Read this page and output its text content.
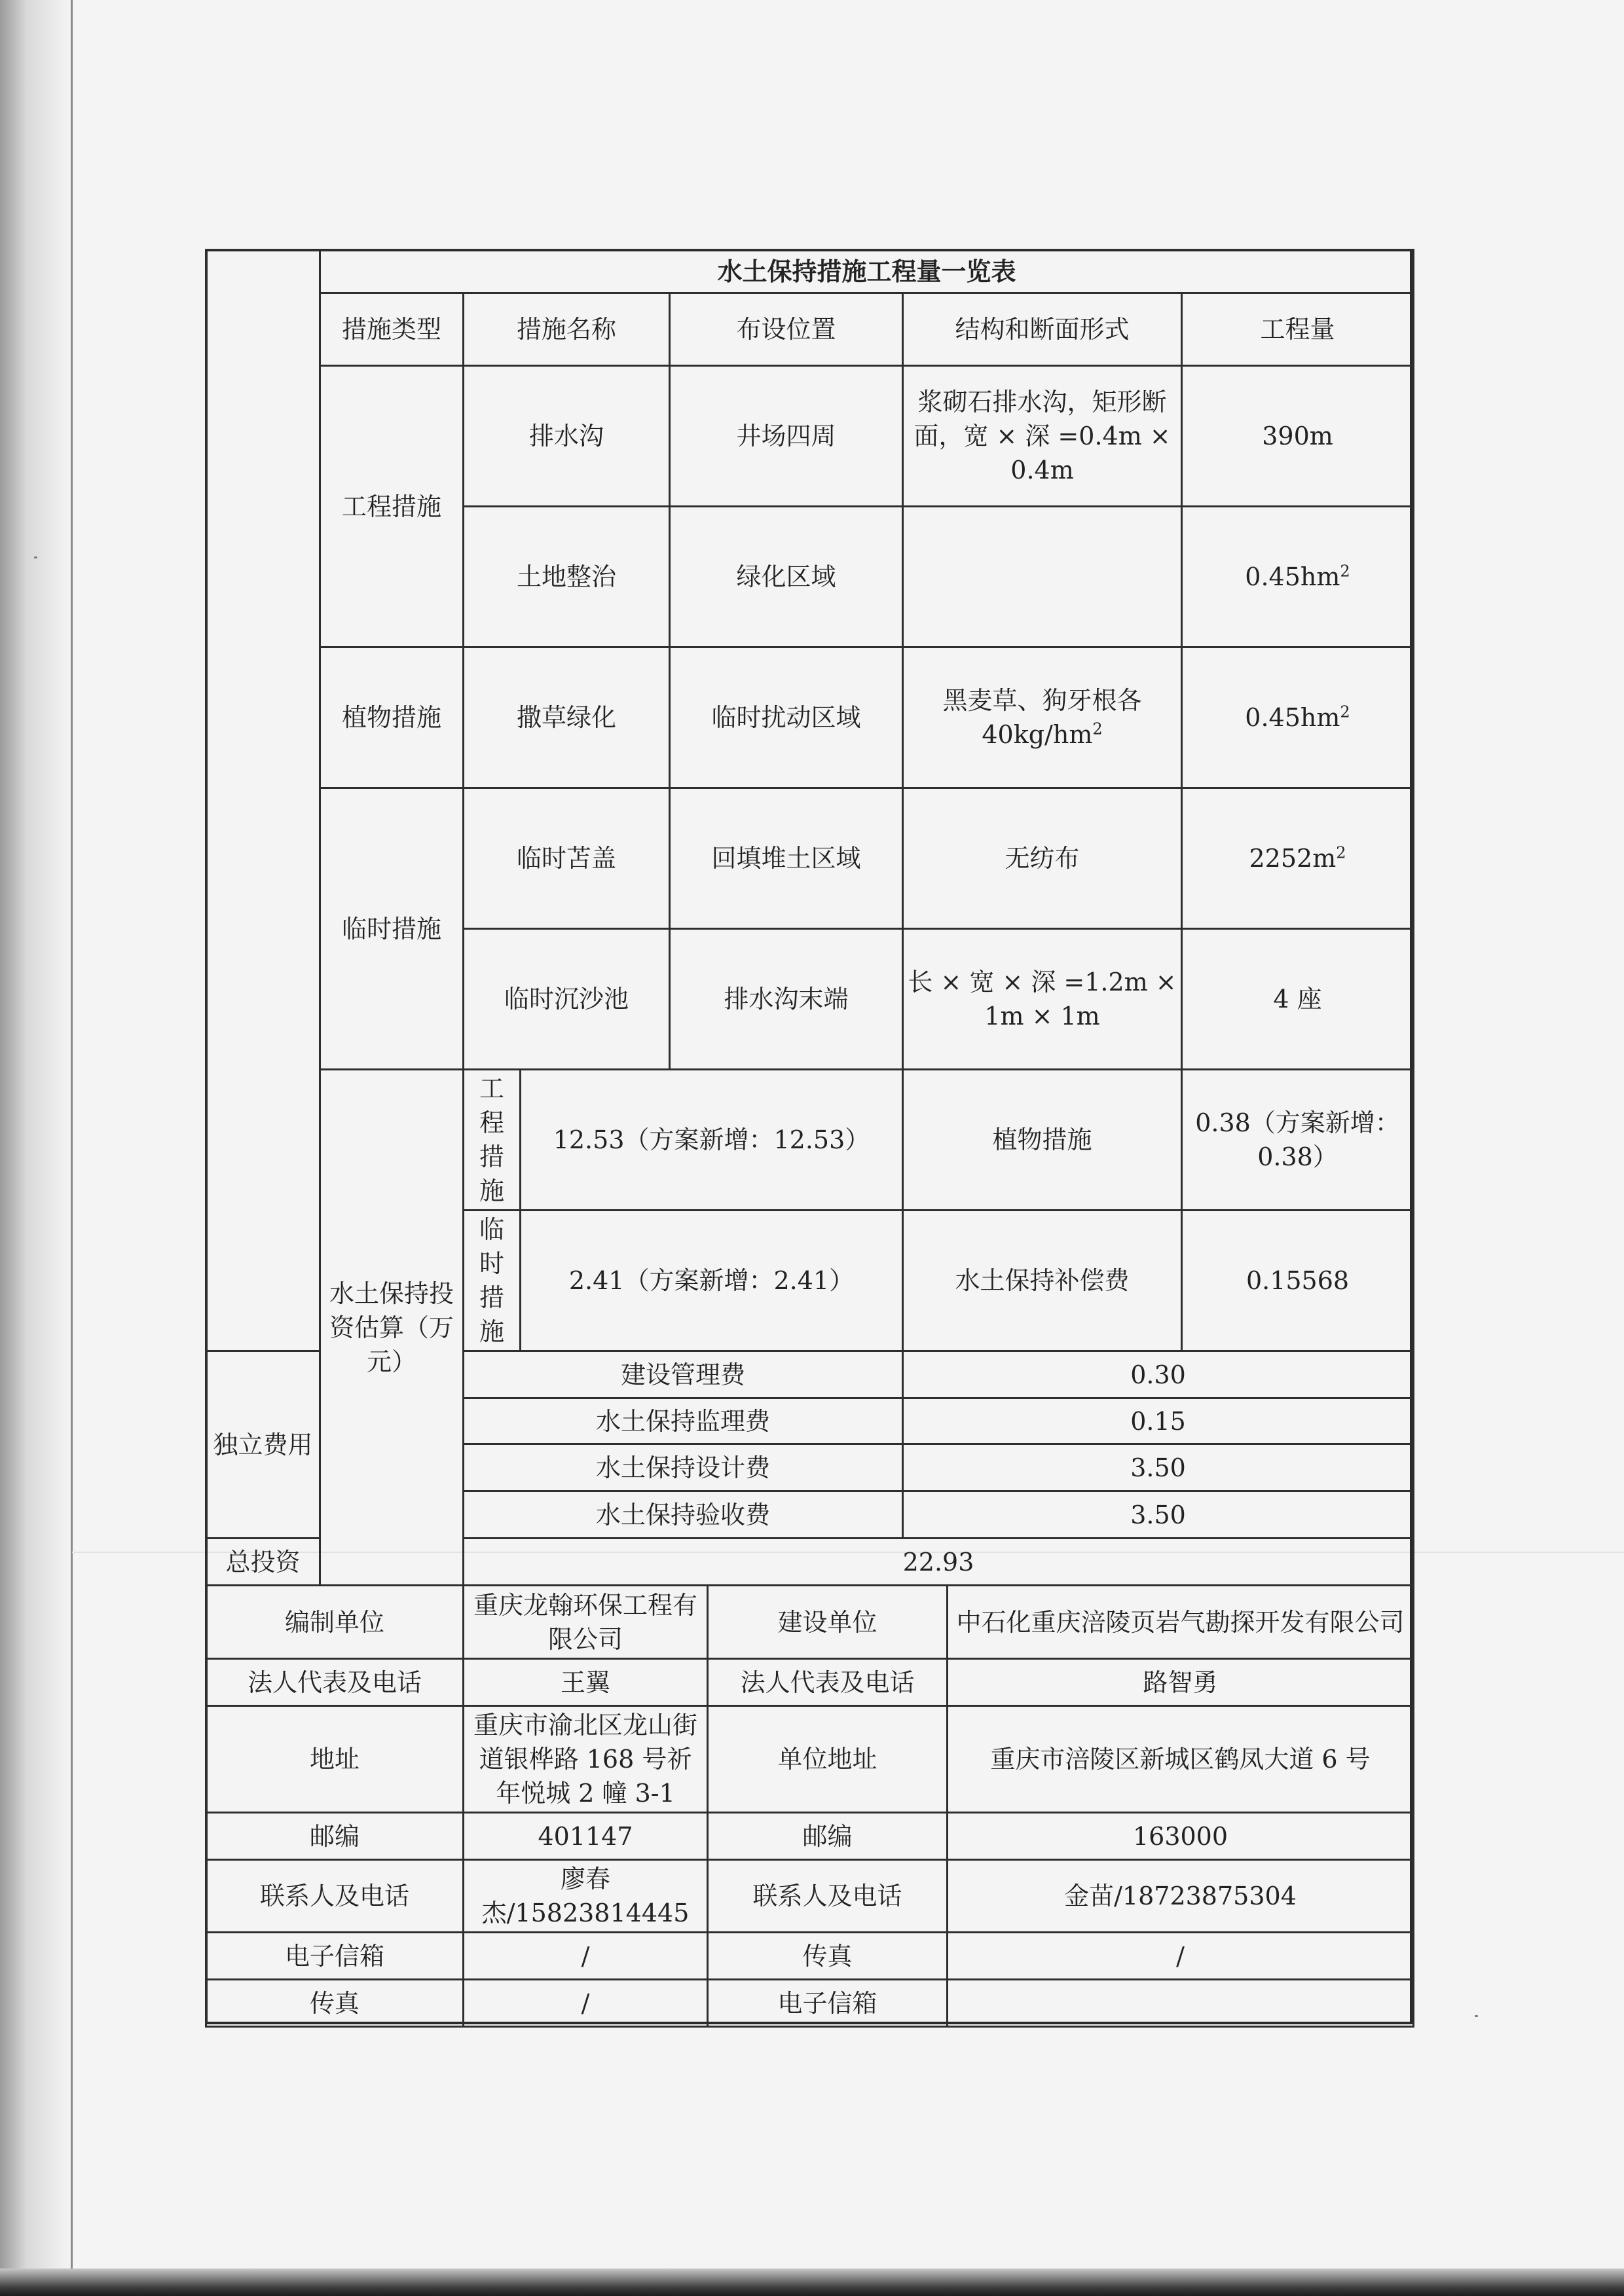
	水土保持措施工程量一览表								
	措施类型	措施名称		布设位置		结构和断面形式		工程量	
	工程措施	排水沟		井场四周		浆砌石排水沟，矩形断面，宽 × 深 =0.4m × 0.4m		390m	
		土地整治		绿化区域				$0.45hm^2$	
	植物措施	撒草绿化		临时扰动区域		黑麦草、狗牙根各 $40kg/hm^2$		$0.45hm^2$	
	临时措施	临时苫盖		回填堆土区域		无纺布		$2252m^2$	
		临时沉沙池		排水沟末端		长 × 宽 × 深 =1.2m × 1m × 1m		4 座	
	水土保持投资估算（万元）	工程措施	12.53（方案新增：12.53）			植物措施		0.38（方案新增：0.38）	
		临时措施	2.41（方案新增：2.41）			水土保持补偿费		0.15568	
独立费用		建设管理费				0.30			
		水土保持监理费				0.15			
		水土保持设计费				3.50			
		水土保持验收费				3.50			
总投资		22.93							
编制单位		重庆龙翰环保工程有限公司			建设单位		中石化重庆涪陵页岩气勘探开发有限公司		
法人代表及电话		王翼			法人代表及电话		路智勇		
地址		重庆市渝北区龙山街道银桦路 168 号祈年悦城 2 幢 3-1			单位地址		重庆市涪陵区新城区鹤凤大道 6 号		
邮编		401147			邮编		163000		
联系人及电话		廖春杰/15823814445			联系人及电话		金苗/18723875304		
电子信箱		/			传真		/		
传真		/			电子信箱				
